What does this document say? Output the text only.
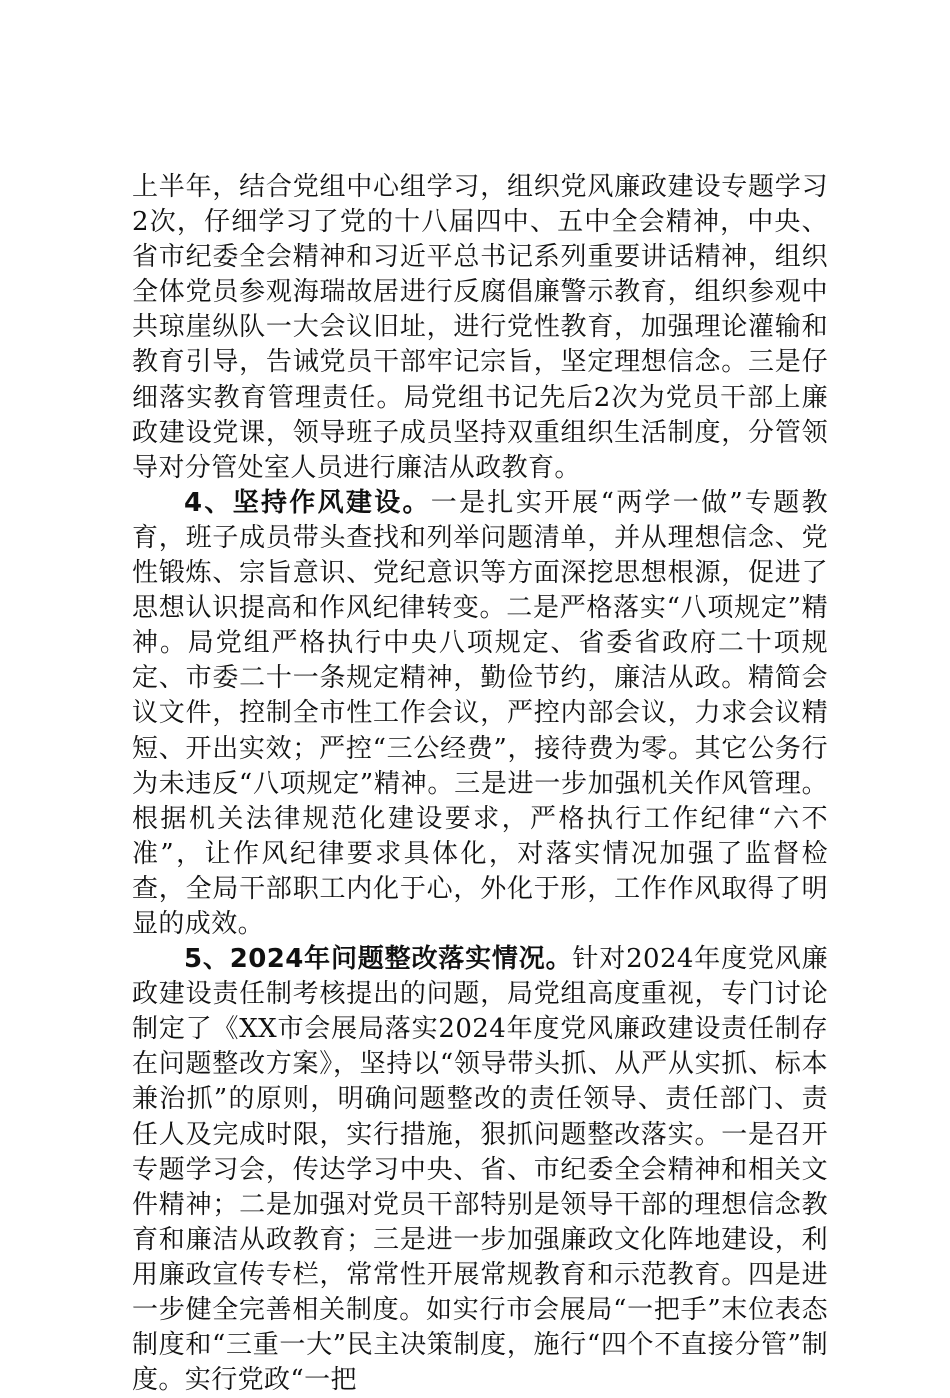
上半年，结合党组中心组学习，组织党风廉政建设专题学习2次，仔细学习了党的十八届四中、五中全会精神，中央、省市纪委全会精神和习近平总书记系列重要讲话精神，组织全体党员参观海瑞故居进行反腐倡廉警示教育，组织参观中共琼崖纵队一大会议旧址，进行党性教育，加强理论灌输和教育引导，告诫党员干部牢记宗旨，坚定理想信念。三是仔细落实教育管理责任。局党组书记先后2次为党员干部上廉政建设党课，领导班子成员坚持双重组织生活制度，分管领导对分管处室人员进行廉洁从政教育。

4、坚持作风建设。一是扎实开展“两学一做”专题教育，班子成员带头查找和列举问题清单，并从理想信念、党性锻炼、宗旨意识、党纪意识等方面深挖思想根源，促进了思想认识提高和作风纪律转变。二是严格落实“八项规定”精神。局党组严格执行中央八项规定、省委省政府二十项规定、市委二十一条规定精神，勤俭节约，廉洁从政。精简会议文件，控制全市性工作会议，严控内部会议，力求会议精短、开出实效；严控“三公经费”，接待费为零。其它公务行为未违反“八项规定”精神。三是进一步加强机关作风管理。根据机关法律规范化建设要求，严格执行工作纪律“六不准”，让作风纪律要求具体化，对落实情况加强了监督检查，全局干部职工内化于心，外化于形，工作作风取得了明显的成效。

5、2024年问题整改落实情况。针对2024年度党风廉政建设责任制考核提出的问题，局党组高度重视，专门讨论制定了《XX市会展局落实2024年度党风廉政建设责任制存在问题整改方案》，坚持以“领导带头抓、从严从实抓、标本兼治抓”的原则，明确问题整改的责任领导、责任部门、责任人及完成时限，实行措施，狠抓问题整改落实。一是召开专题学习会，传达学习中央、省、市纪委全会精神和相关文件精神；二是加强对党员干部特别是领导干部的理想信念教育和廉洁从政教育；三是进一步加强廉政文化阵地建设，利用廉政宣传专栏，常常性开展常规教育和示范教育。四是进一步健全完善相关制度。如实行市会展局“一把手”末位表态制度和“三重一大”民主决策制度，施行“四个不直接分管”制度。实行党政“一把
